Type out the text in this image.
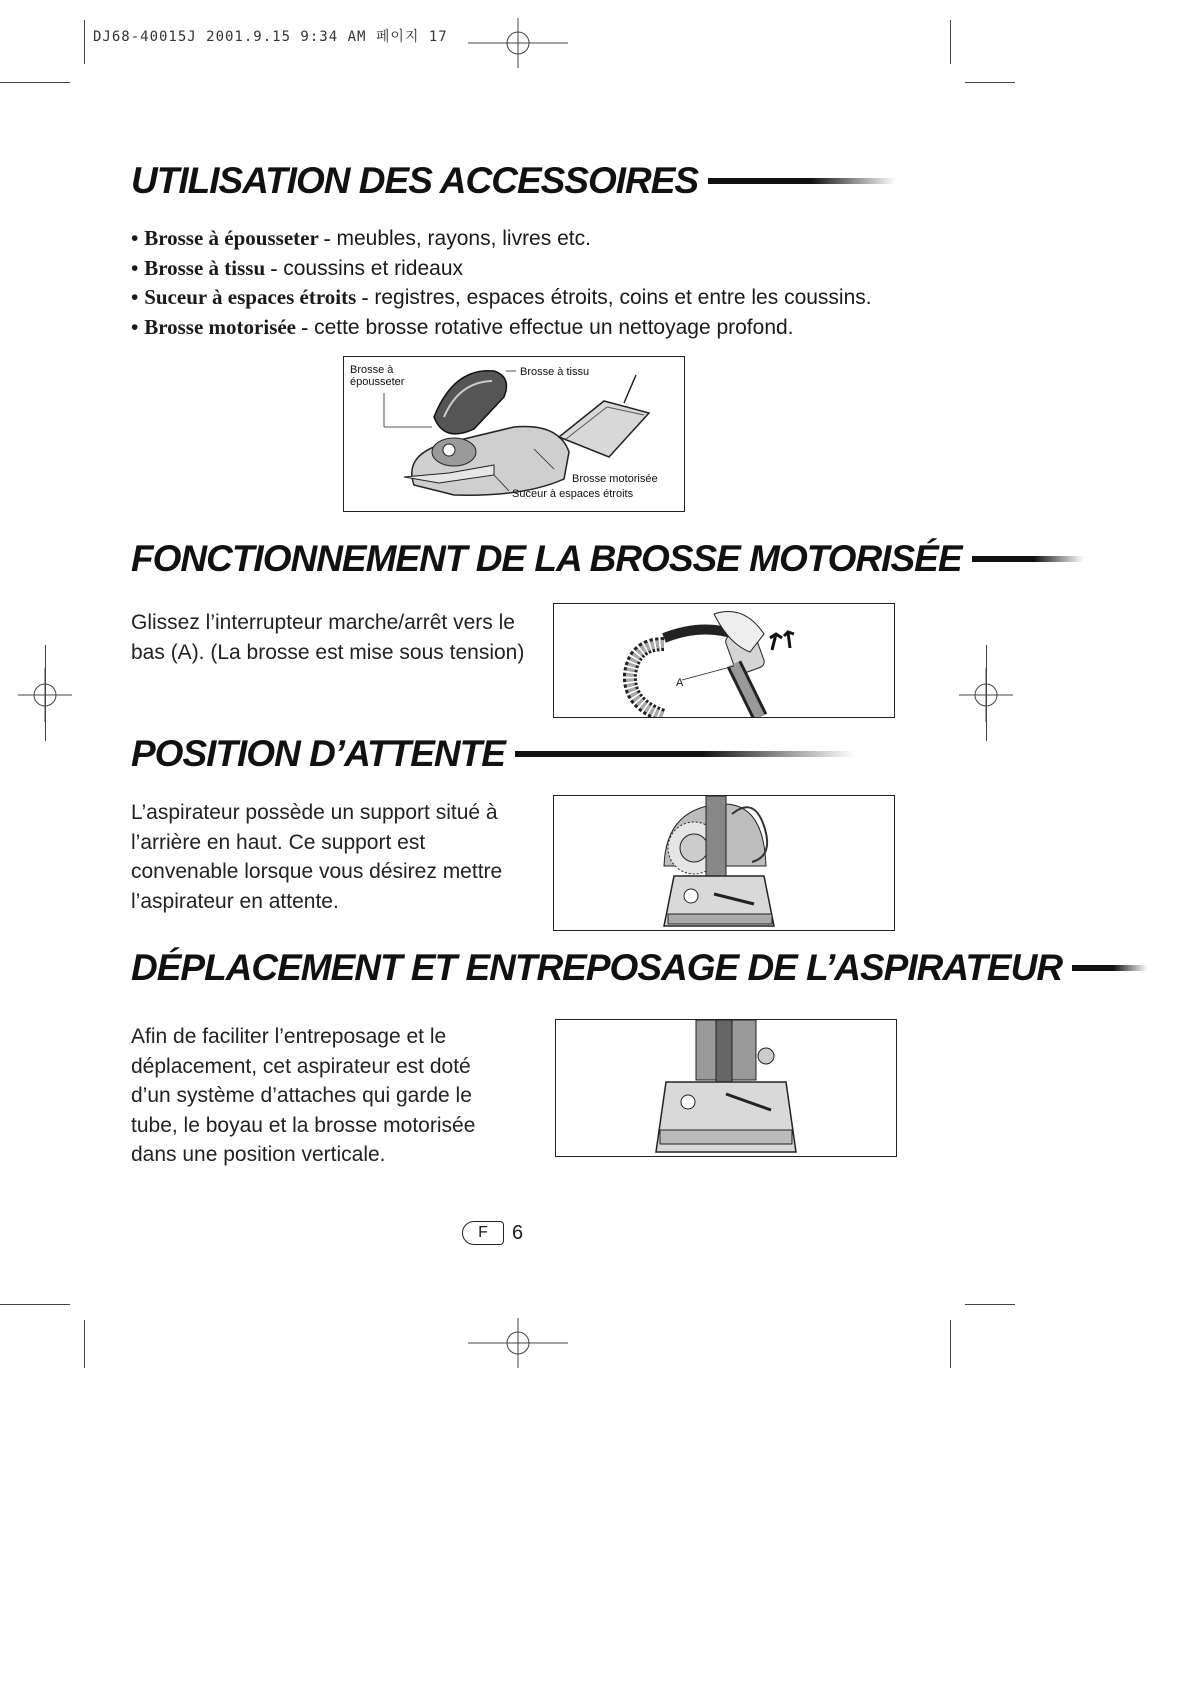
DJ68-40015J 2001.9.15 9:34 AM 페이지 17
UTILISATION DES ACCESSOIRES
• Brosse à épousseter - meubles, rayons, livres etc.
• Brosse à tissu - coussins et rideaux
• Suceur à espaces étroits - registres, espaces étroits, coins et entre les coussins.
• Brosse motorisée - cette brosse rotative effectue un nettoyage profond.
Brosse à
épousseter
Brosse à tissu
Brosse motorisée
Suceur à espaces étroits
FONCTIONNEMENT DE LA BROSSE MOTORISÉE
Glissez l’interrupteur marche/arrêt vers le bas (A). (La brosse est mise sous tension)
A
POSITION D’ATTENTE
L’aspirateur possède un support situé à l’arrière en haut. Ce support est convenable lorsque vous désirez mettre l’aspirateur en attente.
DÉPLACEMENT ET ENTREPOSAGE DE L’ASPIRATEUR
Afin de faciliter l’entreposage et le déplacement, cet aspirateur est doté d’un système d’attaches qui garde le tube, le boyau et la brosse motorisée dans une position verticale.
F	6
